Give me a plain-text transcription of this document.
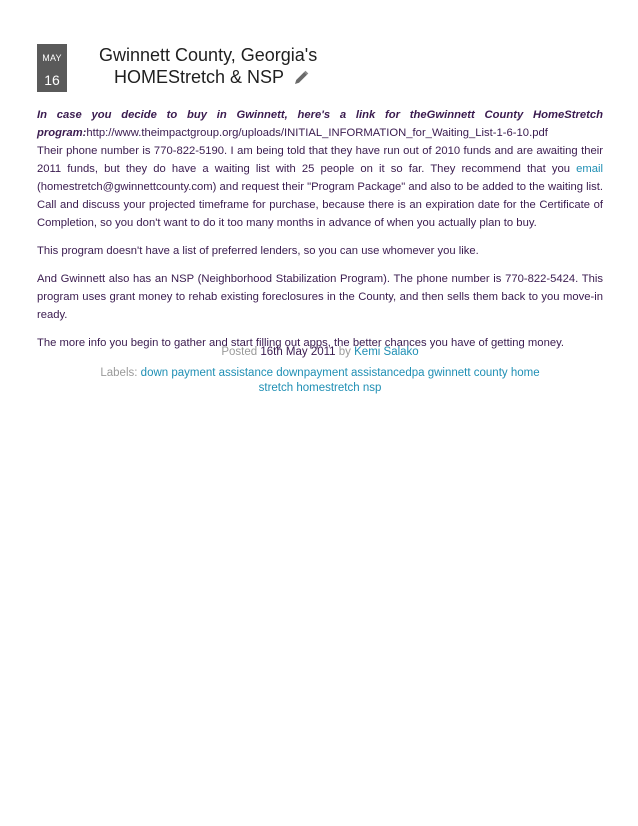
MAY
16
Gwinnett County, Georgia's
HOMEStretch & NSP

In case you decide to buy in Gwinnett, here's a link for theGwinnett County HomeStretch program:http://www.theimpactgroup.org/uploads/INITIAL_INFORMATION_for_Waiting_List-1-6-10.pdf
Their phone number is 770-822-5190. I am being told that they have run out of 2010 funds and are awaiting their 2011 funds, but they do have a waiting list with 25 people on it so far. They recommend that you email (homestretch@gwinnettcounty.com) and request their "Program Package" and also to be added to the waiting list. Call and discuss your projected timeframe for purchase, because there is an expiration date for the Certificate of Completion, so you don't want to do it too many months in advance of when you actually plan to buy.

This program doesn't have a list of preferred lenders, so you can use whomever you like.

And Gwinnett also has an NSP (Neighborhood Stabilization Program). The phone number is 770-822-5424. This program uses grant money to rehab existing foreclosures in the County, and then sells them back to you move-in ready.

The more info you begin to gather and start filling out apps, the better chances you have of getting money.

Posted 16th May 2011 by Kemi Salako
Labels: down payment assistance downpayment assistancedpa gwinnett county home stretch homestretch nsp
